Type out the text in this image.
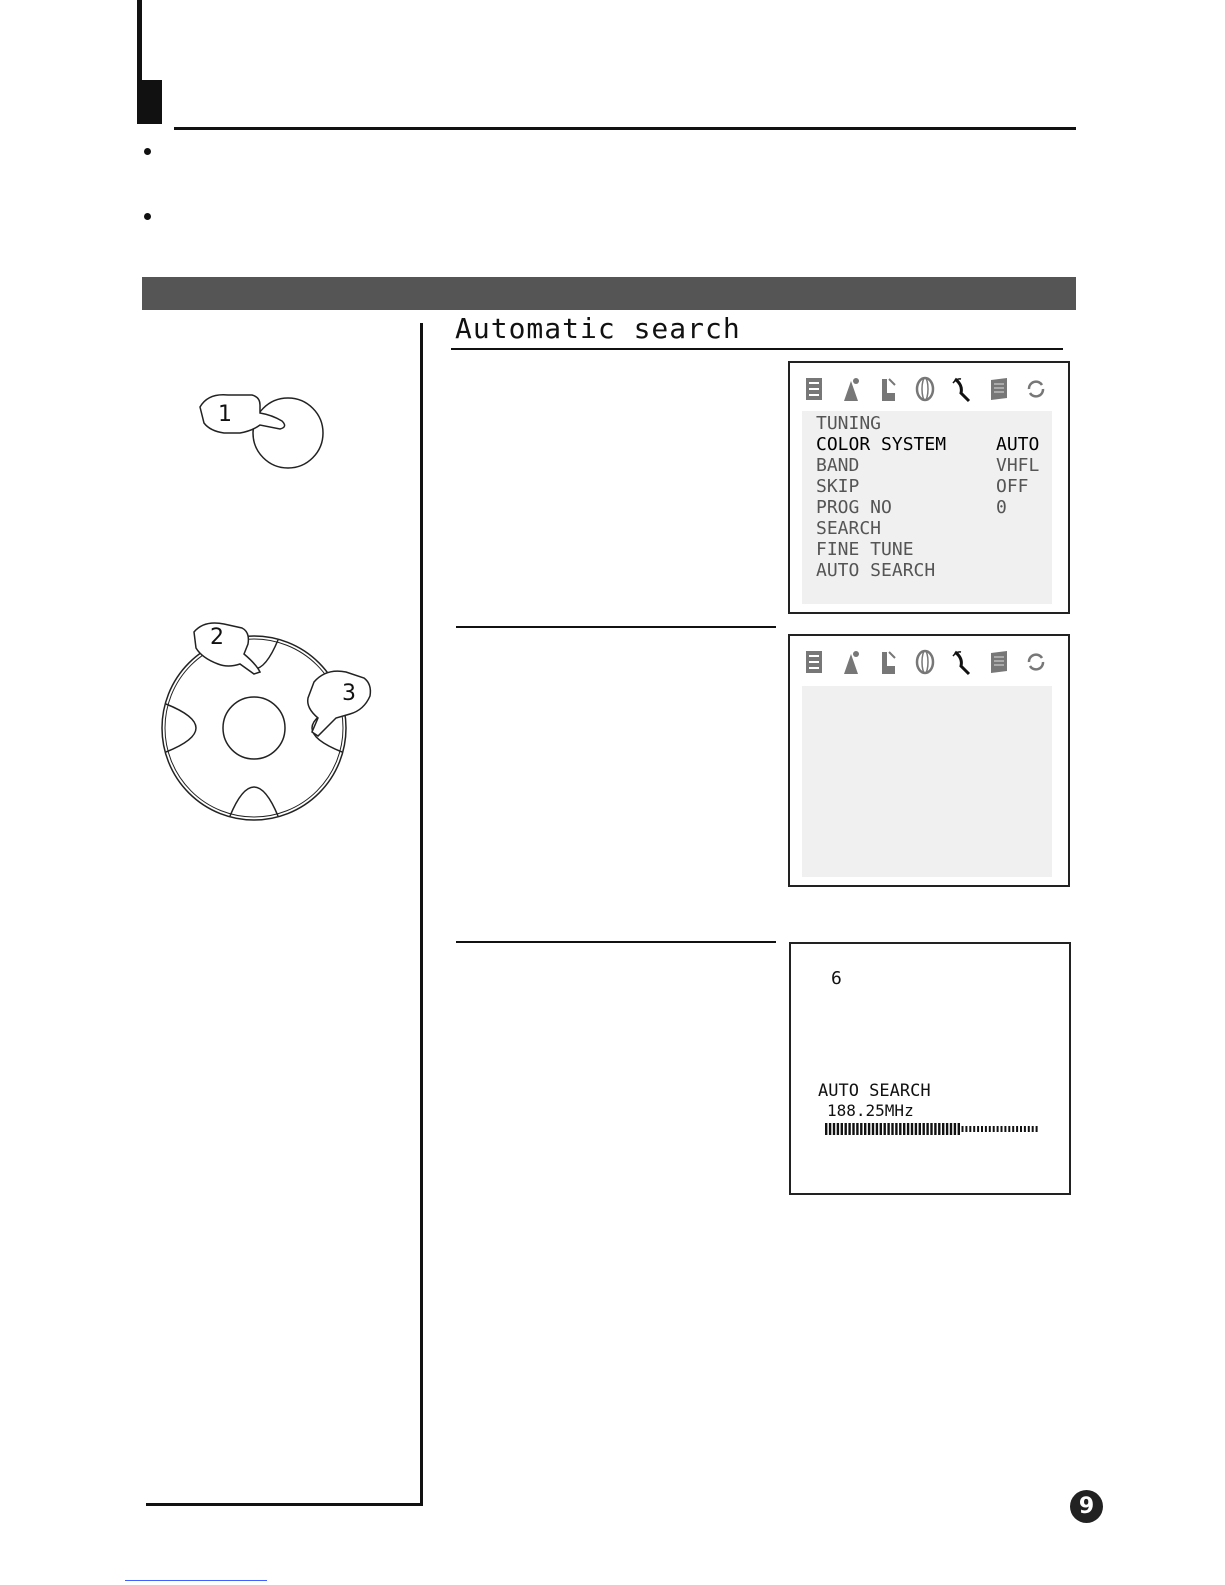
Automatic search
1
2
3
TUNING
COLOR SYSTEM	AUTO
BAND	VHFL
SKIP	OFF
PROG NO	0
SEARCH
FINE TUNE
AUTO SEARCH
6
AUTO SEARCH
188.25MHz
9
